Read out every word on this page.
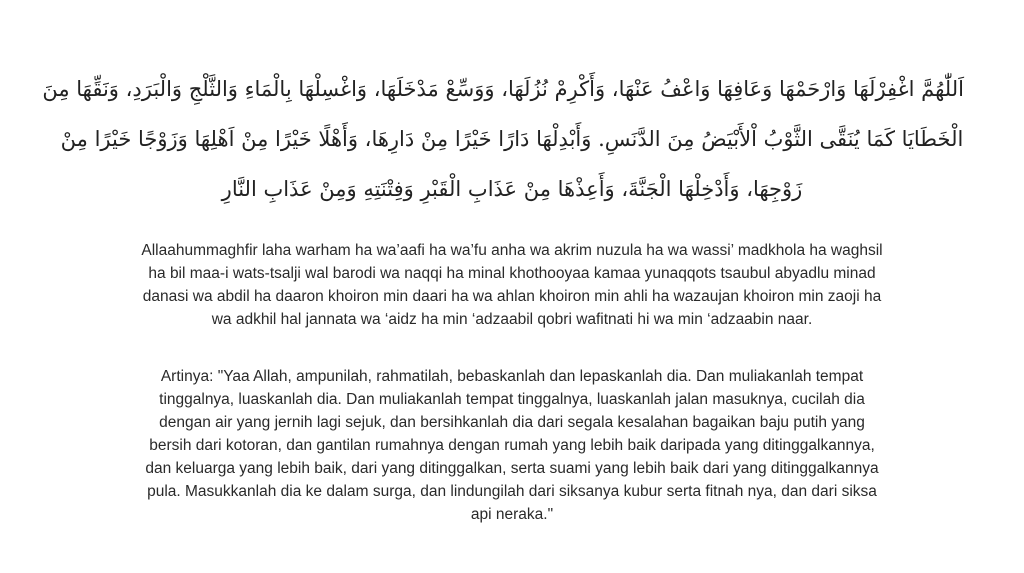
اَللّٰهُمَّ اغْفِرْلَهَا وَارْحَمْهَا وَعَافِهَا وَاعْفُ عَنْهَا، وَأَكْرِمْ نُزُلَهَا، وَوَسِّعْ مَدْخَلَهَا، وَاغْسِلْهَا بِالْمَاءِ وَالثَّلْجِ وَالْبَرَدِ، وَنَقِّهَا مِنَ
الْخَطَايَا كَمَا يُنَقَّى الثَّوْبُ اْلأَبْيَضُ مِنَ الدَّنَسِ. وَأَبْدِلْهَا دَارًا خَيْرًا مِنْ دَارِهَا، وَأَهْلًا خَيْرًا مِنْ اَهْلِهَا وَزَوْجًا خَيْرًا مِنْ
زَوْجِهَا، وَأَدْخِلْهَا الْجَنَّةَ، وَأَعِذْهَا مِنْ عَذَابِ الْقَبْرِ وَفِتْنَتِهِ وَمِنْ عَذَابِ النَّارِ
Allaahummaghfir laha warham ha wa’aafi ha wa’fu anha wa akrim nuzula ha wa wassi’ madkhola ha waghsil
ha bil maa-i wats-tsalji wal barodi wa naqqi ha minal khothooyaa kamaa yunaqqots tsaubul abyadlu minad
danasi wa abdil ha daaron khoiron min daari ha wa ahlan khoiron min ahli ha wazaujan khoiron min zaoji ha
wa adkhil hal jannata wa ‘aidz ha min ‘adzaabil qobri wafitnati hi wa min ‘adzaabin naar.
Artinya: "Yaa Allah, ampunilah, rahmatilah, bebaskanlah dan lepaskanlah dia. Dan muliakanlah tempat
tinggalnya, luaskanlah dia. Dan muliakanlah tempat tinggalnya, luaskanlah jalan masuknya, cucilah dia
dengan air yang jernih lagi sejuk, dan bersihkanlah dia dari segala kesalahan bagaikan baju putih yang
bersih dari kotoran, dan gantilan rumahnya dengan rumah yang lebih baik daripada yang ditinggalkannya,
dan keluarga yang lebih baik, dari yang ditinggalkan, serta suami yang lebih baik dari yang ditinggalkannya
pula. Masukkanlah dia ke dalam surga, dan lindungilah dari siksanya kubur serta fitnah nya, dan dari siksa
api neraka."
